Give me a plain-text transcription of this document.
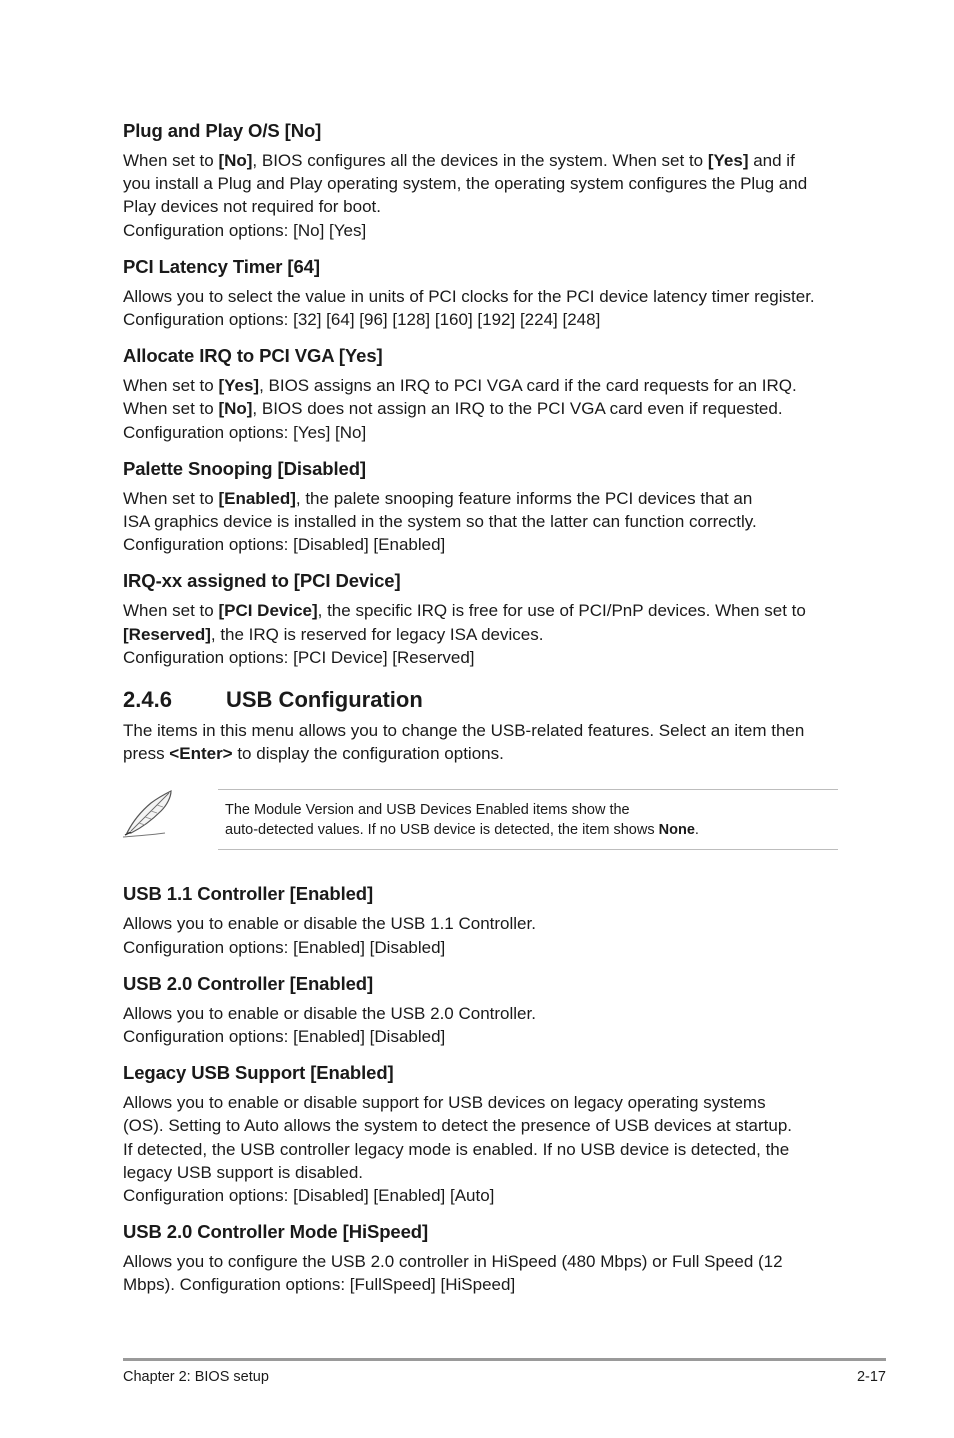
Plug and Play O/S [No]

When set to [No], BIOS configures all the devices in the system. When set to [Yes] and if

you install a Plug and Play operating system, the operating system configures the Plug and

Play devices not required for boot.

Configuration options: [No] [Yes]

PCI Latency Timer [64]

Allows you to select the value in units of PCI clocks for the PCI device latency timer register.

Configuration options: [32] [64] [96] [128] [160] [192] [224] [248]

Allocate IRQ to PCI VGA [Yes]

When set to [Yes], BIOS assigns an IRQ to PCI VGA card if the card requests for an IRQ.

When set to [No], BIOS does not assign an IRQ to the PCI VGA card even if requested.

Configuration options: [Yes] [No]

Palette Snooping [Disabled]

When set to [Enabled], the palete snooping feature informs the PCI devices that an

ISA graphics device is installed in the system so that the latter can function correctly.

Configuration options: [Disabled] [Enabled]

IRQ-xx assigned to [PCI Device]

When set to [PCI Device], the specific IRQ is free for use of PCI/PnP devices. When set to

[Reserved], the IRQ is reserved for legacy ISA devices.

Configuration options: [PCI Device] [Reserved]

2.4.6	USB Configuration

The items in this menu allows you to change the USB-related features. Select an item then

press <Enter> to display the configuration options.

The Module Version and USB Devices Enabled items show the

auto-detected values. If no USB device is detected, the item shows None.

USB 1.1 Controller [Enabled]

Allows you to enable or disable the USB 1.1 Controller.

Configuration options: [Enabled] [Disabled]

USB 2.0 Controller [Enabled]

Allows you to enable or disable the USB 2.0 Controller.

Configuration options: [Enabled] [Disabled]

Legacy USB Support [Enabled]

Allows you to enable or disable support for USB devices on legacy operating systems

(OS). Setting to Auto allows the system to detect the presence of USB devices at startup.

If detected, the USB controller legacy mode is enabled. If no USB device is detected, the

legacy USB support is disabled.

Configuration options: [Disabled] [Enabled] [Auto]

USB 2.0 Controller Mode [HiSpeed]

Allows you to configure the USB 2.0 controller in HiSpeed (480 Mbps) or Full Speed (12

Mbps). Configuration options: [FullSpeed] [HiSpeed]

Chapter 2: BIOS setup	2-17
